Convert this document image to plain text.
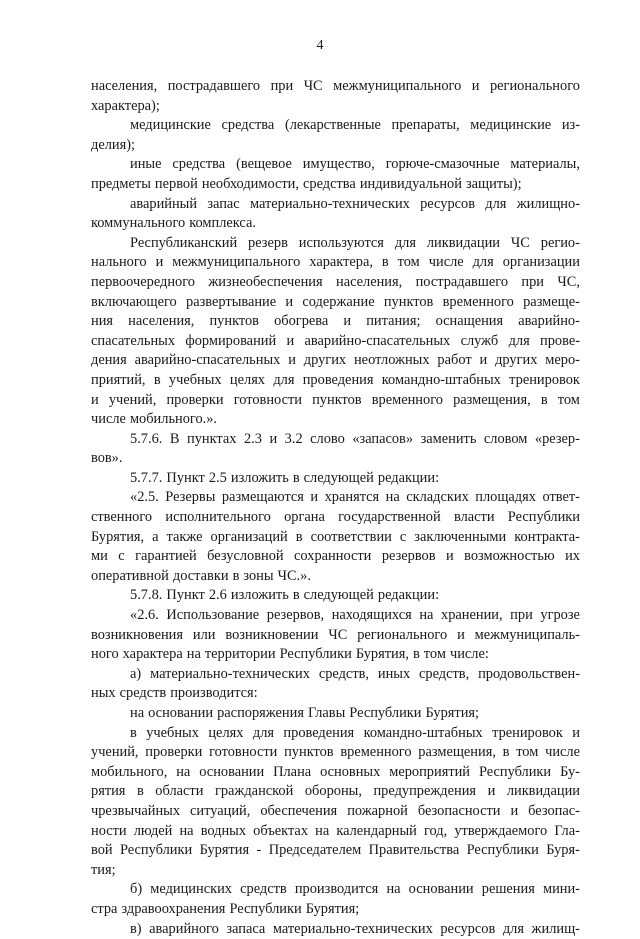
4
населения, пострадавшего при ЧС межмуниципального и регионального
характера);
медицинские средства (лекарственные препараты, медицинские из-
делия);
иные средства (вещевое имущество, горюче-смазочные материалы,
предметы первой необходимости, средства индивидуальной защиты);
аварийный запас материально-технических ресурсов для жилищно-
коммунального комплекса.
Республиканский резерв используются для ликвидации ЧС регио-
нального и межмуниципального характера, в том числе для организации
первоочередного жизнеобеспечения населения, пострадавшего при ЧС,
включающего развертывание и содержание пунктов временного размеще-
ния населения, пунктов обогрева и питания; оснащения аварийно-
спасательных формирований и аварийно-спасательных служб для прове-
дения аварийно-спасательных и других неотложных работ и других меро-
приятий, в учебных целях для проведения командно-штабных тренировок
и учений, проверки готовности пунктов временного размещения, в том
числе мобильного.».
5.7.6. В пунктах 2.3 и 3.2 слово «запасов» заменить словом «резер-
вов».
5.7.7. Пункт 2.5 изложить в следующей редакции:
«2.5. Резервы размещаются и хранятся на складских площадях ответ-
ственного исполнительного органа государственной власти Республики
Бурятия, а также организаций в соответствии с заключенными контракта-
ми с гарантией безусловной сохранности резервов и возможностью их
оперативной доставки в зоны ЧС.».
5.7.8. Пункт 2.6 изложить в следующей редакции:
«2.6. Использование резервов, находящихся на хранении, при угрозе
возникновения или возникновении ЧС регионального и межмуниципаль-
ного характера на территории Республики Бурятия, в том числе:
а) материально-технических средств, иных средств, продовольствен-
ных средств производится:
на основании распоряжения Главы Республики Бурятия;
в учебных целях для проведения командно-штабных тренировок и
учений, проверки готовности пунктов временного размещения, в том числе
мобильного, на основании Плана основных мероприятий Республики Бу-
рятия в области гражданской обороны, предупреждения и ликвидации
чрезвычайных ситуаций, обеспечения пожарной безопасности и безопас-
ности людей на водных объектах на календарный год, утверждаемого Гла-
вой Республики Бурятия - Председателем Правительства Республики Буря-
тия;
б) медицинских средств производится на основании решения мини-
стра здравоохранения Республики Бурятия;
в) аварийного запаса материально-технических ресурсов для жилищ-
